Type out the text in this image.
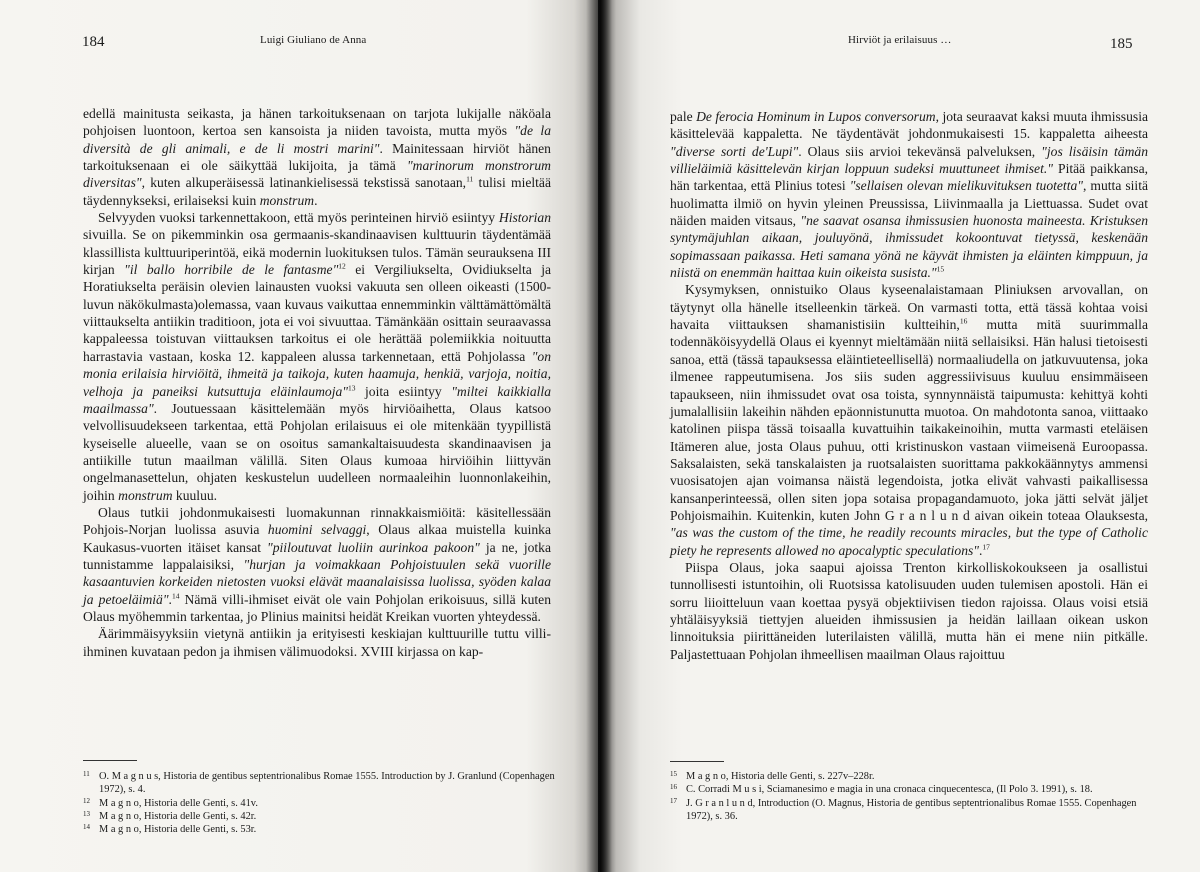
184	Luigi Giuliano de Anna

edellä mainitusta seikasta, ja hänen tarkoituksenaan on tarjota lukijalle näköala pohjoisen luontoon, kertoa sen kansoista ja niiden tavoista, mutta myös "de la diversità de gli animali, e de li mostri marini". Mainitessaan hirviöt hänen tarkoituksenaan ei ole säikyttää lukijoita, ja tämä "marinorum monstrorum diversitas", kuten alkuperäisessä latinankielisessä tekstissä sanotaan,$^{11}$ tulisi mieltää täydennykseksi, erilaiseksi kuin monstrum.

Selvyyden vuoksi tarkennettakoon, että myös perinteinen hirviö esiintyy Historian sivuilla. Se on pikemminkin osa germaanis-skandinaavisen kulttuurin täydentämää klassillista kulttuuriperintöä, eikä modernin luokituksen tulos. Tämän seurauksena III kirjan "il ballo horribile de le fantasme"$^{12}$ ei Vergiliukselta, Ovidiukselta ja Horatiukselta peräisin olevien lainausten vuoksi vakuuta sen olleen oikeasti (1500-luvun näkökulmasta)olemassa, vaan kuvaus vaikuttaa ennemminkin välttämättömältä viittaukselta antiikin traditioon, jota ei voi sivuuttaa. Tämänkään osittain seuraavassa kappaleessa toistuvan viittauksen tarkoitus ei ole herättää polemiikkia noituutta harrastavia vastaan, koska 12. kappaleen alussa tarkennetaan, että Pohjolassa "on monia erilaisia hirviöitä, ihmeitä ja taikoja, kuten haamuja, henkiä, varjoja, noitia, velhoja ja paneiksi kutsuttuja eläinlaumoja"$^{13}$ joita esiintyy "miltei kaikkialla maailmassa". Joutuessaan käsittelemään myös hirviöaihetta, Olaus katsoo velvollisuudekseen tarkentaa, että Pohjolan erilaisuus ei ole mitenkään tyypillistä kyseiselle alueelle, vaan se on osoitus samankaltaisuudesta skandinaavisen ja antiikille tutun maailman välillä. Siten Olaus kumoaa hirviöihin liittyvän ongelmanasettelun, ohjaten keskustelun uudelleen normaaleihin luonnonlakeihin, joihin monstrum kuuluu.

Olaus tutkii johdonmukaisesti luomakunnan rinnakkaismiöitä: käsitellessään Pohjois-Norjan luolissa asuvia huomini selvaggi, Olaus alkaa muistella kuinka Kaukasus-vuorten itäiset kansat "piiloutuvat luoliin aurinkoa pakoon" ja ne, jotka tunnistamme lappalaisiksi, "hurjan ja voimakkaan Pohjoistuulen sekä vuorille kasaantuvien korkeiden nietosten vuoksi elävät maanalaisissa luolissa, syöden kalaa ja petoeläimiä".$^{14}$ Nämä villi-ihmiset eivät ole vain Pohjolan erikoisuus, sillä kuten Olaus myöhemmin tarkentaa, jo Plinius mainitsi heidät Kreikan vuorten yhteydessä.

Äärimmäisyyksiin vietynä antiikin ja erityisesti keskiajan kulttuurille tuttu villi-ihminen kuvataan pedon ja ihmisen välimuodoksi. XVIII kirjassa on kap-

11 O. M a g n u s, Historia de gentibus septentrionalibus Romae 1555. Introduction by J. Granlund (Copenhagen 1972), s. 4.
12 M a g n o, Historia delle Genti, s. 41v.
13 M a g n o, Historia delle Genti, s. 42r.
14 M a g n o, Historia delle Genti, s. 53r.
Hirviöt ja erilaisuus …	185

pale De ferocia Hominum in Lupos conversorum, jota seuraavat kaksi muuta ihmissusia käsittelevää kappaletta. Ne täydentävät johdonmukaisesti 15. kappaletta aiheesta "diverse sorti de'Lupi". Olaus siis arvioi tekevänsä palveluksen, "jos lisäisin tämän villieläimiä käsittelevän kirjan loppuun sudeksi muuttuneet ihmiset." Pitää paikkansa, hän tarkentaa, että Plinius totesi "sellaisen olevan mielikuvituksen tuotetta", mutta siitä huolimatta ilmiö on hyvin yleinen Preussissa, Liivinmaalla ja Liettuassa. Sudet ovat näiden maiden vitsaus, "ne saavat osansa ihmissusien huonosta maineesta. Kristuksen syntymäjuhlan aikaan, jouluyönä, ihmissudet kokoontuvat tietyssä, keskenään sopimassaan paikassa. Heti samana yönä ne käyvät ihmisten ja eläinten kimppuun, ja niistä on enemmän haittaa kuin oikeista susista."$^{15}$

Kysymyksen, onnistuiko Olaus kyseenalaistamaan Pliniuksen arvovallan, on täytynyt olla hänelle itselleenkin tärkeä. On varmasti totta, että tässä kohtaa voisi havaita viittauksen shamanistisiin kultteihin,$^{16}$ mutta mitä suurimmalla todennäköisyydellä Olaus ei kyennyt mieltämään niitä sellaisiksi. Hän halusi tietoisesti sanoa, että (tässä tapauksessa eläintieteellisellä) normaaliudella on jatkuvuutensa, joka ilmenee rappeutumisena. Jos siis suden aggressiivisuus kuuluu ensimmäiseen tapaukseen, niin ihmissudet ovat osa toista, synnynnäistä taipumusta: kehittyä kohti jumalallisiin lakeihin nähden epäonnistunutta muotoa. On mahdotonta sanoa, viittaako katolinen piispa tässä toisaalla kuvattuihin taikakeinoihin, mutta varmasti eteläisen Itämeren alue, josta Olaus puhuu, otti kristinuskon vastaan viimeisenä Euroopassa. Saksalaisten, sekä tanskalaisten ja ruotsalaisten suorittama pakkokäännytys ammensi vuosisatojen ajan voimansa näistä legendoista, jotka elivät vahvasti paikallisessa kansanperinteessä, ollen siten jopa sotaisa propagandamuoto, joka jätti selvät jäljet Pohjoismaihin. Kuitenkin, kuten John G r a n l u n d aivan oikein toteaa Olauksesta, "as was the custom of the time, he readily recounts miracles, but the type of Catholic piety he represents allowed no apocalyptic speculations".$^{17}$

Piispa Olaus, joka saapui ajoissa Trenton kirkolliskokoukseen ja osallistui tunnollisesti istuntoihin, oli Ruotsissa katolisuuden uuden tulemisen apostoli. Hän ei sorru liioitteluun vaan koettaa pysyä objektiivisen tiedon rajoissa. Olaus voisi etsiä yhtäläisyyksiä tiettyjen alueiden ihmissusien ja heidän laillaan oikean uskon linnoituksia piirittäneiden luterilaisten välillä, mutta hän ei mene niin pitkälle. Paljastettuaan Pohjolan ihmeellisen maailman Olaus rajoittuu

15 M a g n o, Historia delle Genti, s. 227v–228r.
16 C. Corradi M u s i, Sciamanesimo e magia in una cronaca cinquecentesca, (Il Polo 3. 1991), s. 18.
17 J. G r a n l u n d, Introduction (O. Magnus, Historia de gentibus septentrionalibus Romae 1555. Copenhagen 1972), s. 36.
